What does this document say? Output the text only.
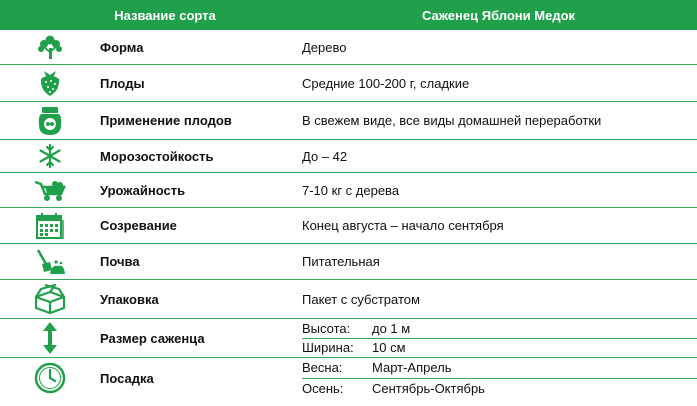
Название сорта	Саженец Яблони Медок
Форма	Дерево
Плоды	Средние 100-200 г, сладкие
Применение плодов	В свежем виде, все виды домашней переработки
Морозостойкость	До – 42
Урожайность	7-10 кг с дерева
Созревание	Конец августа – начало сентября
Почва	Питательная
Упаковка	Пакет с субстратом
Размер саженца
Высота:	до 1 м
Ширина:	10 см
Посадка
Весна:	Март-Апрель
Осень:	Сентябрь-Октябрь
